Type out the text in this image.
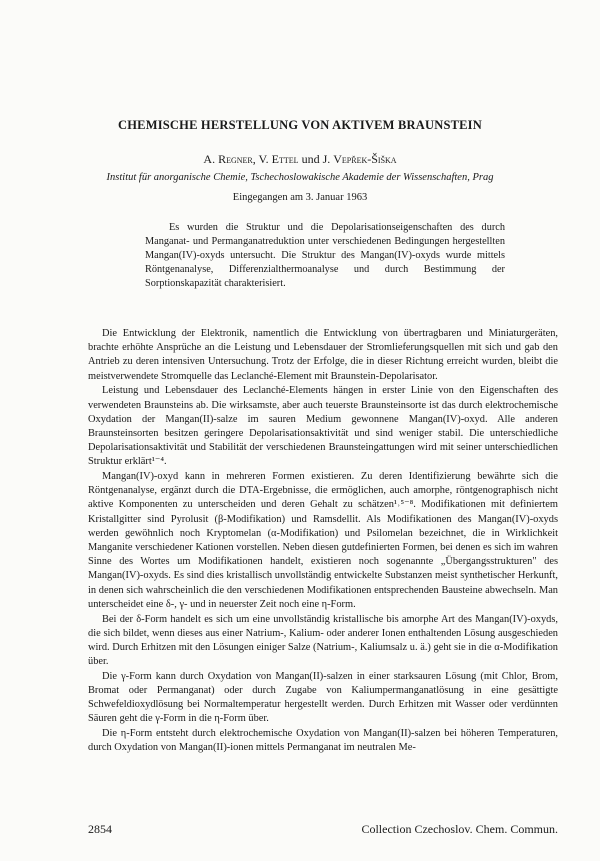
CHEMISCHE HERSTELLUNG VON AKTIVEM BRAUNSTEIN

A. Regner, V. Ettel und J. Vepřek-Šiška

Institut für anorganische Chemie, Tschechoslowakische Akademie der Wissenschaften, Prag

Eingegangen am 3. Januar 1963

Es wurden die Struktur und die Depolarisationseigenschaften des durch Manganat- und Permanganatreduktion unter verschiedenen Bedingungen hergestellten Mangan(IV)-oxyds untersucht. Die Struktur des Mangan(IV)-oxyds wurde mittels Röntgenanalyse, Differenzialthermoanalyse und durch Bestimmung der Sorptionskapazität charakterisiert.

Die Entwicklung der Elektronik, namentlich die Entwicklung von übertragbaren und Miniaturgeräten, brachte erhöhte Ansprüche an die Leistung und Lebensdauer der Stromlieferungsquellen mit sich und gab den Antrieb zu deren intensiven Untersuchung. Trotz der Erfolge, die in dieser Richtung erreicht wurden, bleibt die meistverwendete Stromquelle das Leclanché-Element mit Braunstein-Depolarisator.

Leistung und Lebensdauer des Leclanché-Elements hängen in erster Linie von den Eigenschaften des verwendeten Braunsteins ab. Die wirksamste, aber auch teuerste Braunsteinsorte ist das durch elektrochemische Oxydation der Mangan(II)-salze im sauren Medium gewonnene Mangan(IV)-oxyd. Alle anderen Braunsteinsorten besitzen geringere Depolarisationsaktivität und sind weniger stabil. Die unterschiedliche Depolarisationsaktivität und Stabilität der verschiedenen Braunsteingattungen wird mit seiner unterschiedlichen Struktur erklärt¹⁻⁴.

Mangan(IV)-oxyd kann in mehreren Formen existieren. Zu deren Identifizierung bewährte sich die Röntgenanalyse, ergänzt durch die DTA-Ergebnisse, die ermöglichen, auch amorphe, röntgenographisch nicht aktive Komponenten zu unterscheiden und deren Gehalt zu schätzen¹˒⁵⁻⁸. Modifikationen mit definiertem Kristallgitter sind Pyrolusit (β-Modifikation) und Ramsdellit. Als Modifikationen des Mangan(IV)-oxyds werden gewöhnlich noch Kryptomelan (α-Modifikation) und Psilomelan bezeichnet, die in Wirklichkeit Manganite verschiedener Kationen vorstellen. Neben diesen gutdefinierten Formen, bei denen es sich im wahren Sinne des Wortes um Modifikationen handelt, existieren noch sogenannte „Übergangsstrukturen" des Mangan(IV)-oxyds. Es sind dies kristallisch unvollständig entwickelte Substanzen meist synthetischer Herkunft, in denen sich wahrscheinlich die den verschiedenen Modifikationen entsprechenden Bausteine abwechseln. Man unterscheidet eine δ-, γ- und in neuerster Zeit noch eine η-Form.

Bei der δ-Form handelt es sich um eine unvollständig kristallische bis amorphe Art des Mangan(IV)-oxyds, die sich bildet, wenn dieses aus einer Natrium-, Kalium- oder anderer Ionen enthaltenden Lösung ausgeschieden wird. Durch Erhitzen mit den Lösungen einiger Salze (Natrium-, Kaliumsalz u. ä.) geht sie in die α-Modifikation über.

Die γ-Form kann durch Oxydation von Mangan(II)-salzen in einer starksauren Lösung (mit Chlor, Brom, Bromat oder Permanganat) oder durch Zugabe von Kaliumpermanganatlösung in eine gesättigte Schwefeldioxydlösung bei Normaltemperatur hergestellt werden. Durch Erhitzen mit Wasser oder verdünnten Säuren geht die γ-Form in die η-Form über.

Die η-Form entsteht durch elektrochemische Oxydation von Mangan(II)-salzen bei höheren Temperaturen, durch Oxydation von Mangan(II)-ionen mittels Permanganat im neutralen Me-

2854	Collection Czechoslov. Chem. Commun.
